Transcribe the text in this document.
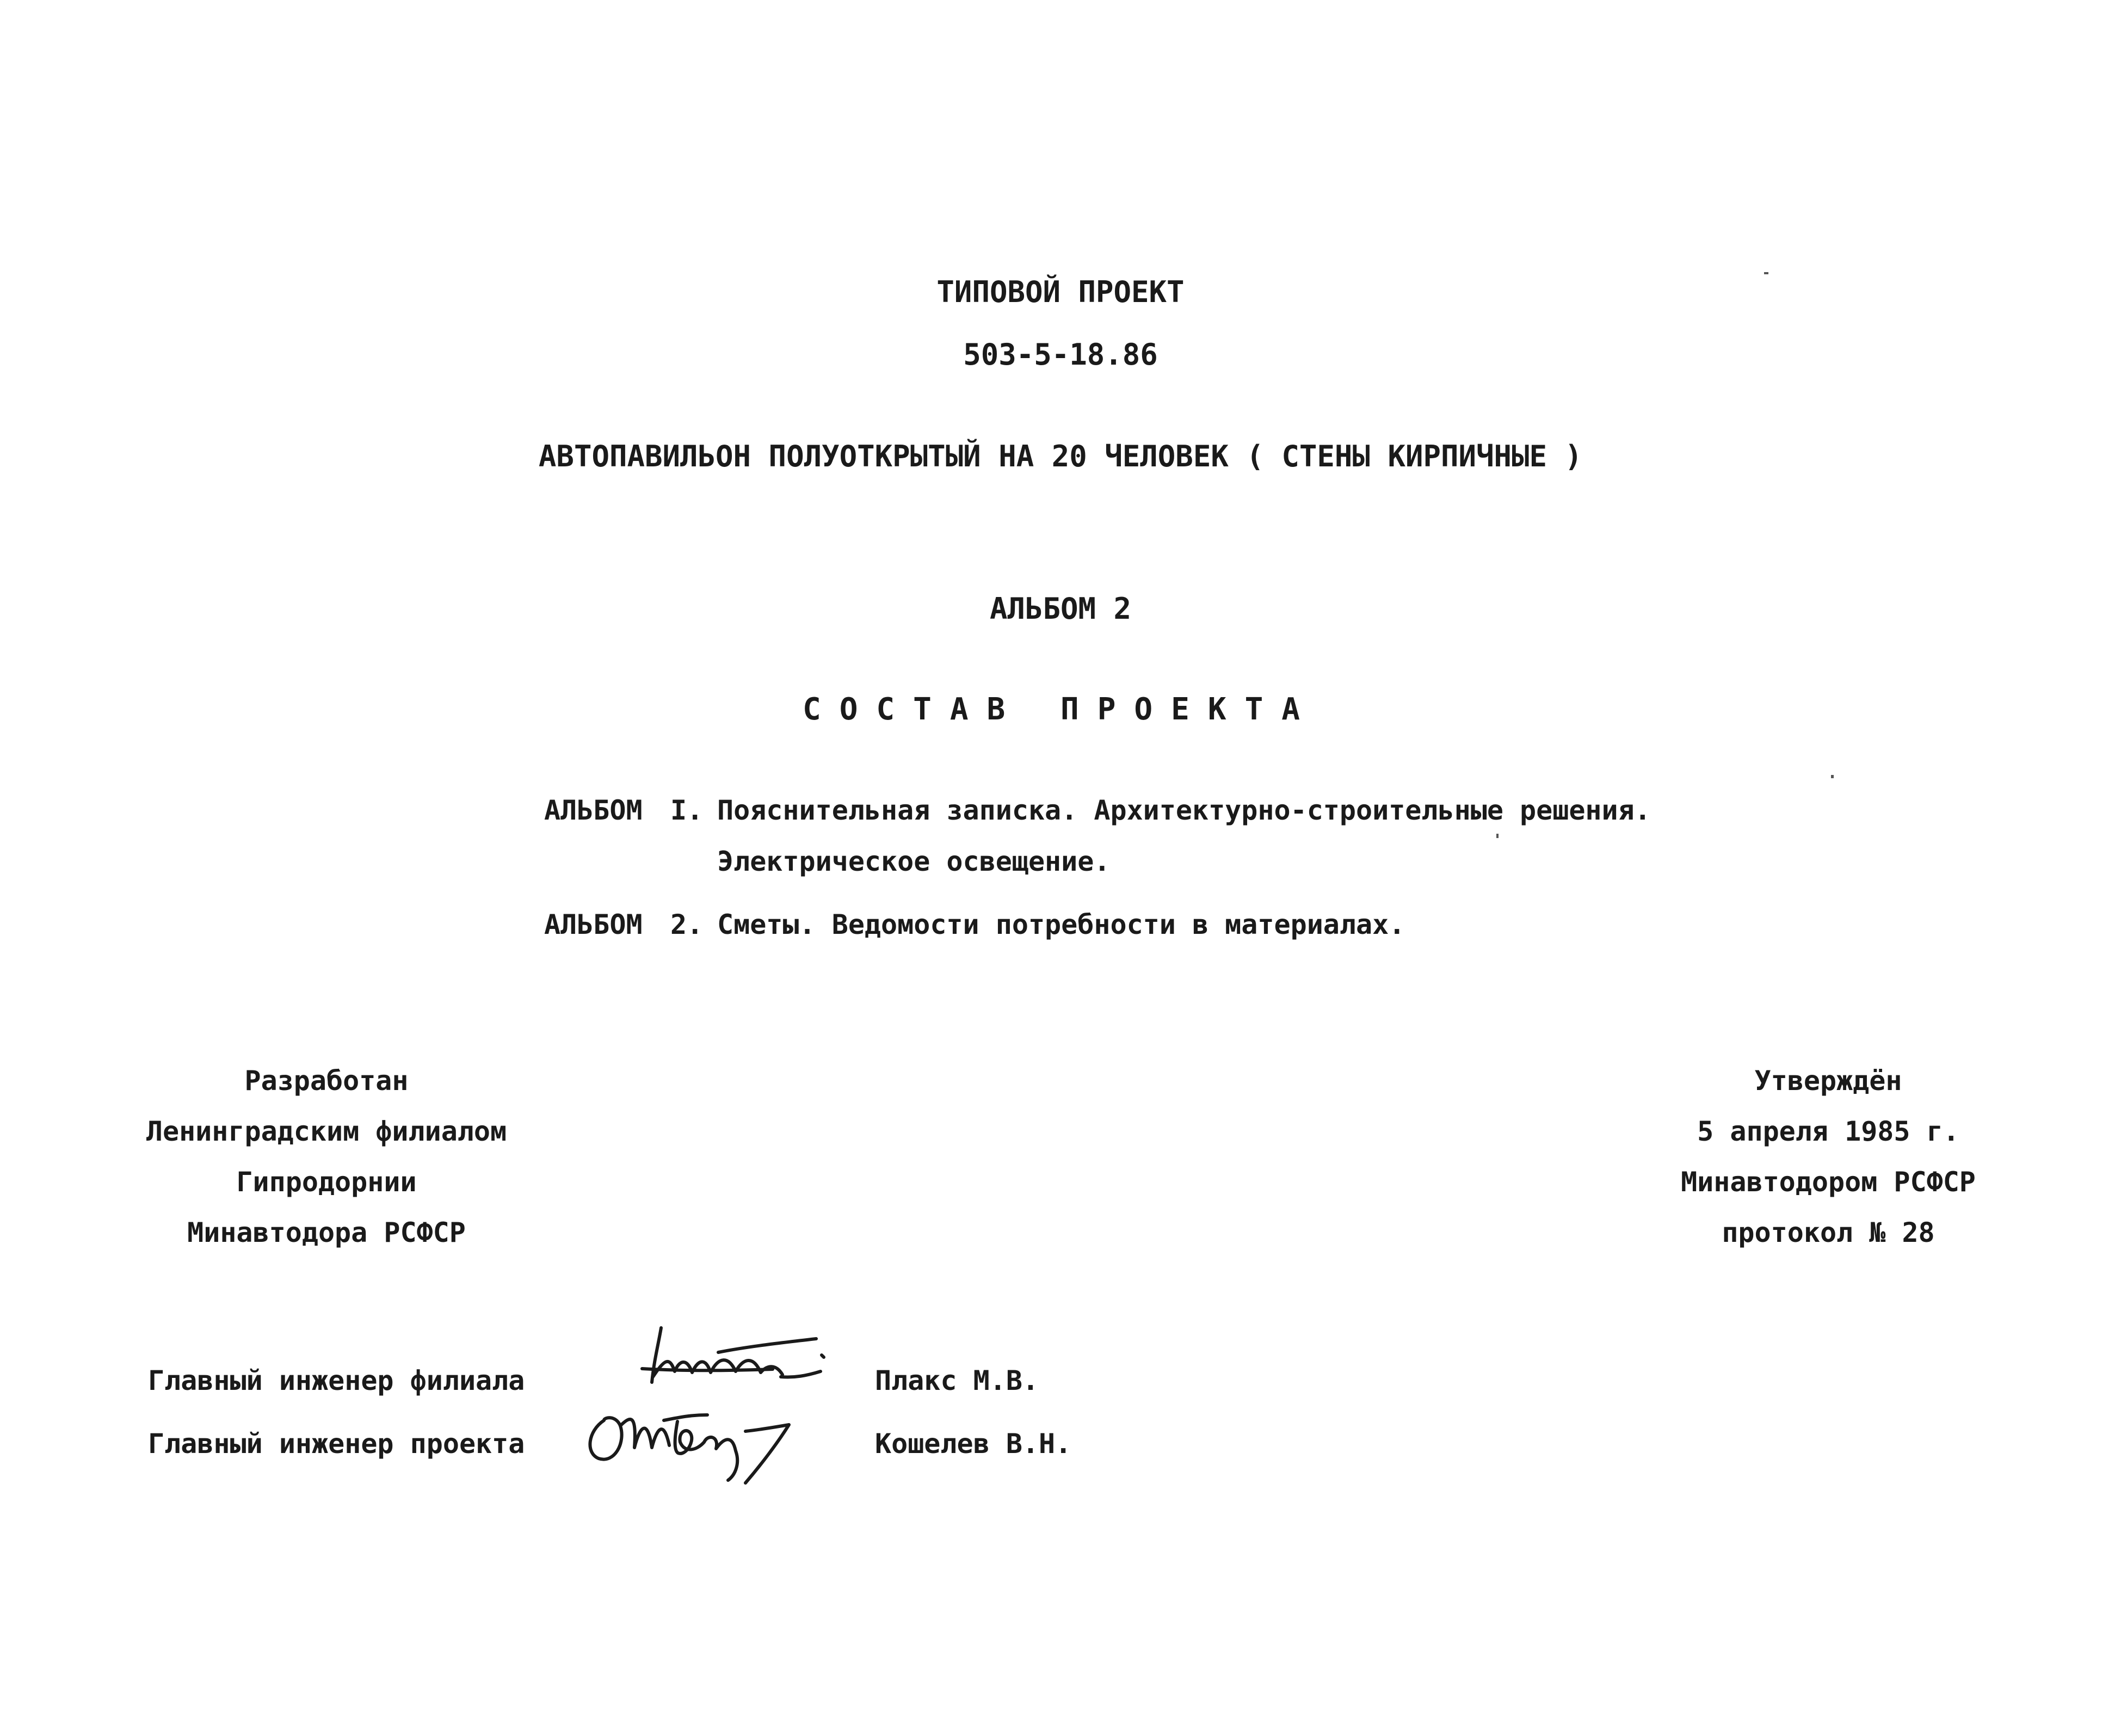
ТИПОВОЙ ПРОЕКТ
503-5-18.86
АВТОПАВИЛЬОН ПОЛУОТКРЫТЫЙ НА 20 ЧЕЛОВЕК ( СТЕНЫ КИРПИЧНЫЕ )
АЛЬБОМ 2
СОСТАВ ПРОЕКТА
АЛЬБОМ I. Пояснительная записка. Архитектурно-строительные решения.
Электрическое освещение.
АЛЬБОМ 2. Сметы. Ведомости потребности в материалах.
Разработан
Ленинградским филиалом
Гипродорнии
Минавтодора РСФСР
Утверждён
5 апреля 1985 г.
Минавтодором РСФСР
протокол № 28
Главный инженер филиала	Плакс М.В.
Главный инженер проекта	Кошелев В.Н.
